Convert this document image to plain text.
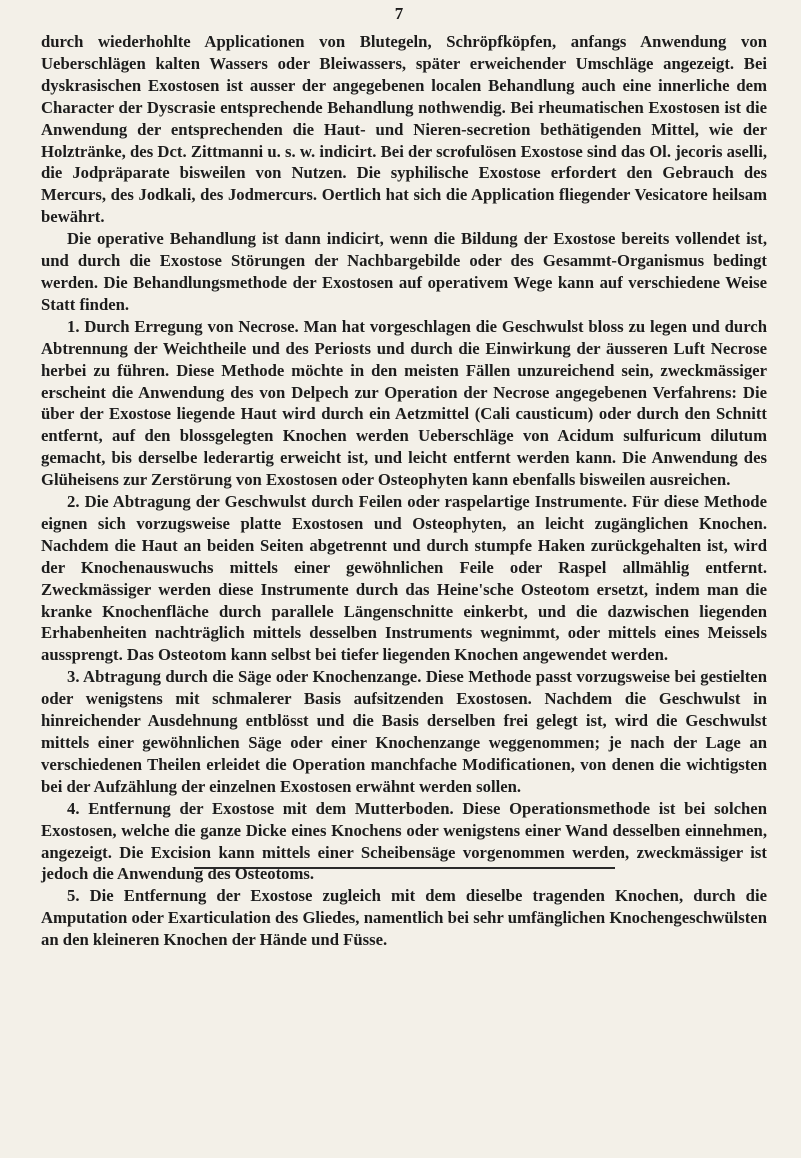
7

durch wiederhohlte Applicationen von Blutegeln, Schröpfköpfen, anfangs Anwendung von Ueberschlägen kalten Wassers oder Bleiwassers, später erweichender Umschläge angezeigt. Bei dyskrasischen Exostosen ist ausser der angegebenen localen Behandlung auch eine innerliche dem Character der Dyscrasie entsprechende Behandlung nothwendig. Bei rheumatischen Exostosen ist die Anwendung der entsprechenden die Haut- und Nieren-secretion bethätigenden Mittel, wie der Holztränke, des Dct. Zittmanni u. s. w. indicirt. Bei der scrofulösen Exostose sind das Ol. jecoris aselli, die Jodpräparate bisweilen von Nutzen. Die syphilische Exostose erfordert den Gebrauch des Mercurs, des Jodkali, des Jodmercurs. Oertlich hat sich die Application fliegender Vesicatore heilsam bewährt.

Die operative Behandlung ist dann indicirt, wenn die Bildung der Exostose bereits vollendet ist, und durch die Exostose Störungen der Nachbargebilde oder des Gesammt-Organismus bedingt werden. Die Behandlungsmethode der Exostosen auf operativem Wege kann auf verschiedene Weise Statt finden.

1. Durch Erregung von Necrose. Man hat vorgeschlagen die Geschwulst bloss zu legen und durch Abtrennung der Weichtheile und des Periosts und durch die Einwirkung der äusseren Luft Necrose herbei zu führen. Diese Methode möchte in den meisten Fällen unzureichend sein, zweckmässiger erscheint die Anwendung des von Delpech zur Operation der Necrose angegebenen Verfahrens: Die über der Exostose liegende Haut wird durch ein Aetzmittel (Cali causticum) oder durch den Schnitt entfernt, auf den blossgelegten Knochen werden Ueberschläge von Acidum sulfuricum dilutum gemacht, bis derselbe lederartig erweicht ist, und leicht entfernt werden kann. Die Anwendung des Glüheisens zur Zerstörung von Exostosen oder Osteophyten kann ebenfalls bisweilen ausreichen.

2. Die Abtragung der Geschwulst durch Feilen oder raspelartige Instrumente. Für diese Methode eignen sich vorzugsweise platte Exostosen und Osteophyten, an leicht zugänglichen Knochen. Nachdem die Haut an beiden Seiten abgetrennt und durch stumpfe Haken zurückgehalten ist, wird der Knochenauswuchs mittels einer gewöhnlichen Feile oder Raspel allmählig entfernt. Zweckmässiger werden diese Instrumente durch das Heine'sche Osteotom ersetzt, indem man die kranke Knochenfläche durch parallele Längenschnitte einkerbt, und die dazwischen liegenden Erhabenheiten nachträglich mittels desselben Instruments wegnimmt, oder mittels eines Meissels aussprengt. Das Osteotom kann selbst bei tiefer liegenden Knochen angewendet werden.

3. Abtragung durch die Säge oder Knochenzange. Diese Methode passt vorzugsweise bei gestielten oder wenigstens mit schmalerer Basis aufsitzenden Exostosen. Nachdem die Geschwulst in hinreichender Ausdehnung entblösst und die Basis derselben frei gelegt ist, wird die Geschwulst mittels einer gewöhnlichen Säge oder einer Knochenzange weggenommen; je nach der Lage an verschiedenen Theilen erleidet die Operation manchfache Modificationen, von denen die wichtigsten bei der Aufzählung der einzelnen Exostosen erwähnt werden sollen.

4. Entfernung der Exostose mit dem Mutterboden. Diese Operationsmethode ist bei solchen Exostosen, welche die ganze Dicke eines Knochens oder wenigstens einer Wand desselben einnehmen, angezeigt. Die Excision kann mittels einer Scheibensäge vorgenommen werden, zweckmässiger ist jedoch die Anwendung des Osteotoms.

5. Die Entfernung der Exostose zugleich mit dem dieselbe tragenden Knochen, durch die Amputation oder Exarticulation des Gliedes, namentlich bei sehr umfänglichen Knochengeschwülsten an den kleineren Knochen der Hände und Füsse.
